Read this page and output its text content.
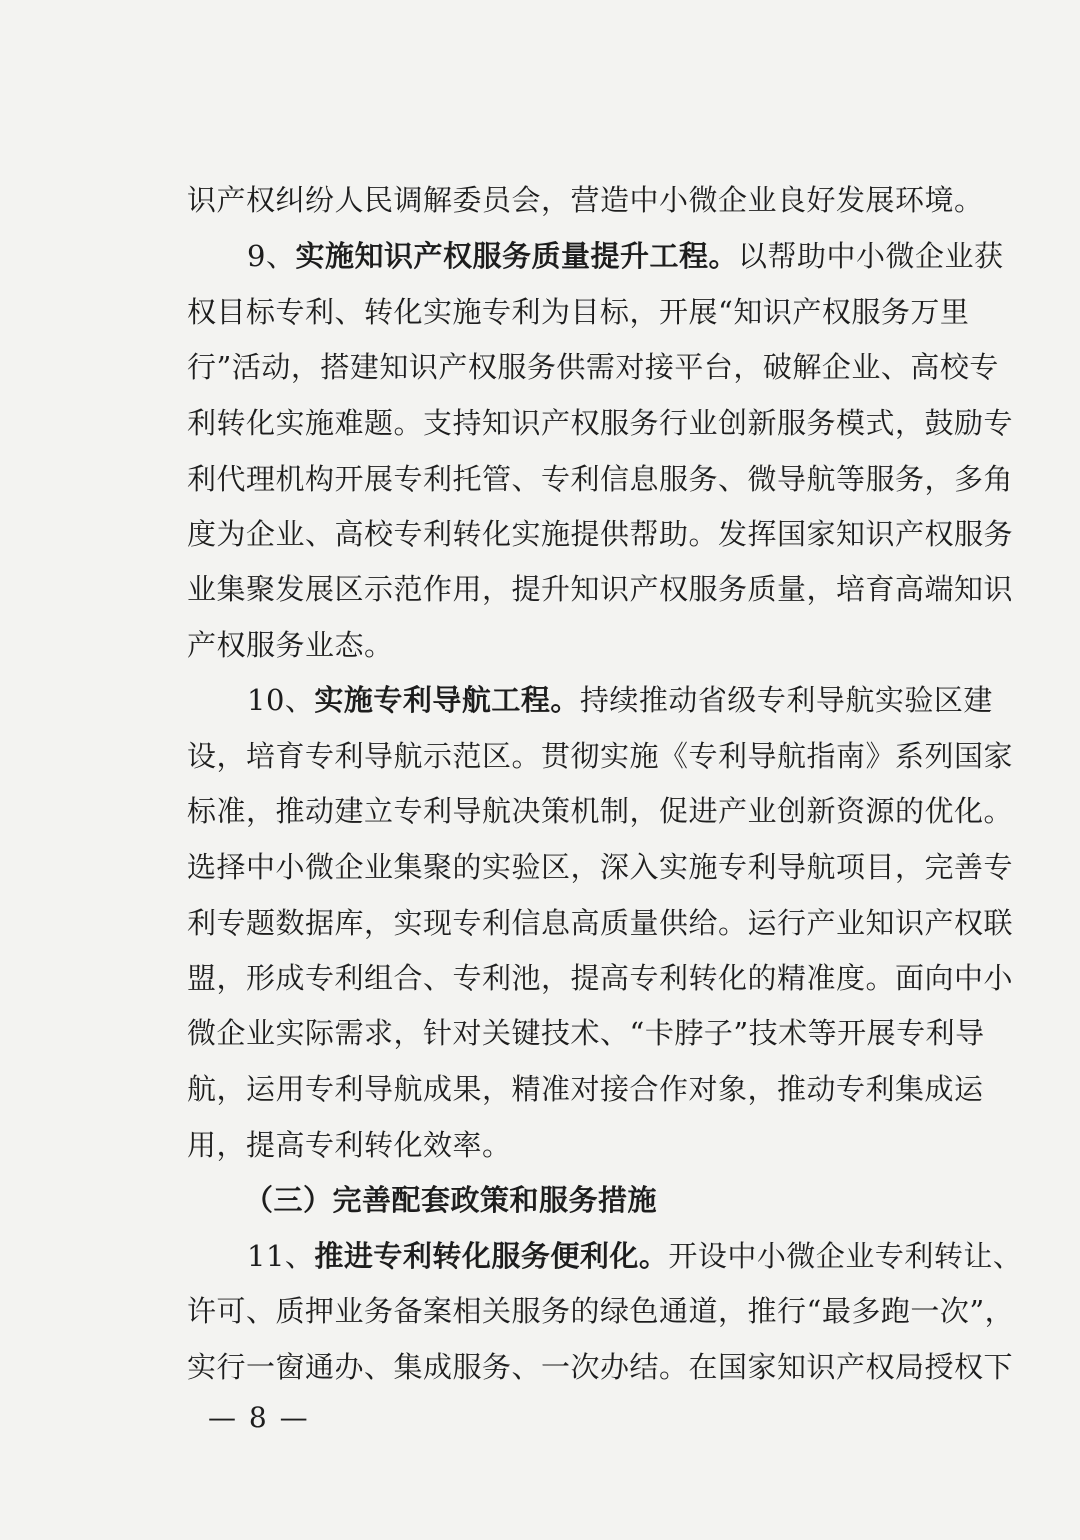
识产权纠纷人民调解委员会，营造中小微企业良好发展环境。
9、实施知识产权服务质量提升工程。以帮助中小微企业获
权目标专利、转化实施专利为目标，开展“知识产权服务万里
行”活动，搭建知识产权服务供需对接平台，破解企业、高校专
利转化实施难题。支持知识产权服务行业创新服务模式，鼓励专
利代理机构开展专利托管、专利信息服务、微导航等服务，多角
度为企业、高校专利转化实施提供帮助。发挥国家知识产权服务
业集聚发展区示范作用，提升知识产权服务质量，培育高端知识
产权服务业态。
10、实施专利导航工程。持续推动省级专利导航实验区建
设，培育专利导航示范区。贯彻实施《专利导航指南》系列国家
标准，推动建立专利导航决策机制，促进产业创新资源的优化。
选择中小微企业集聚的实验区，深入实施专利导航项目，完善专
利专题数据库，实现专利信息高质量供给。运行产业知识产权联
盟，形成专利组合、专利池，提高专利转化的精准度。面向中小
微企业实际需求，针对关键技术、“卡脖子”技术等开展专利导
航，运用专利导航成果，精准对接合作对象，推动专利集成运
用，提高专利转化效率。
（三）完善配套政策和服务措施
11、推进专利转化服务便利化。开设中小微企业专利转让、
许可、质押业务备案相关服务的绿色通道，推行“最多跑一次”，
实行一窗通办、集成服务、一次办结。在国家知识产权局授权下
— 8 —
